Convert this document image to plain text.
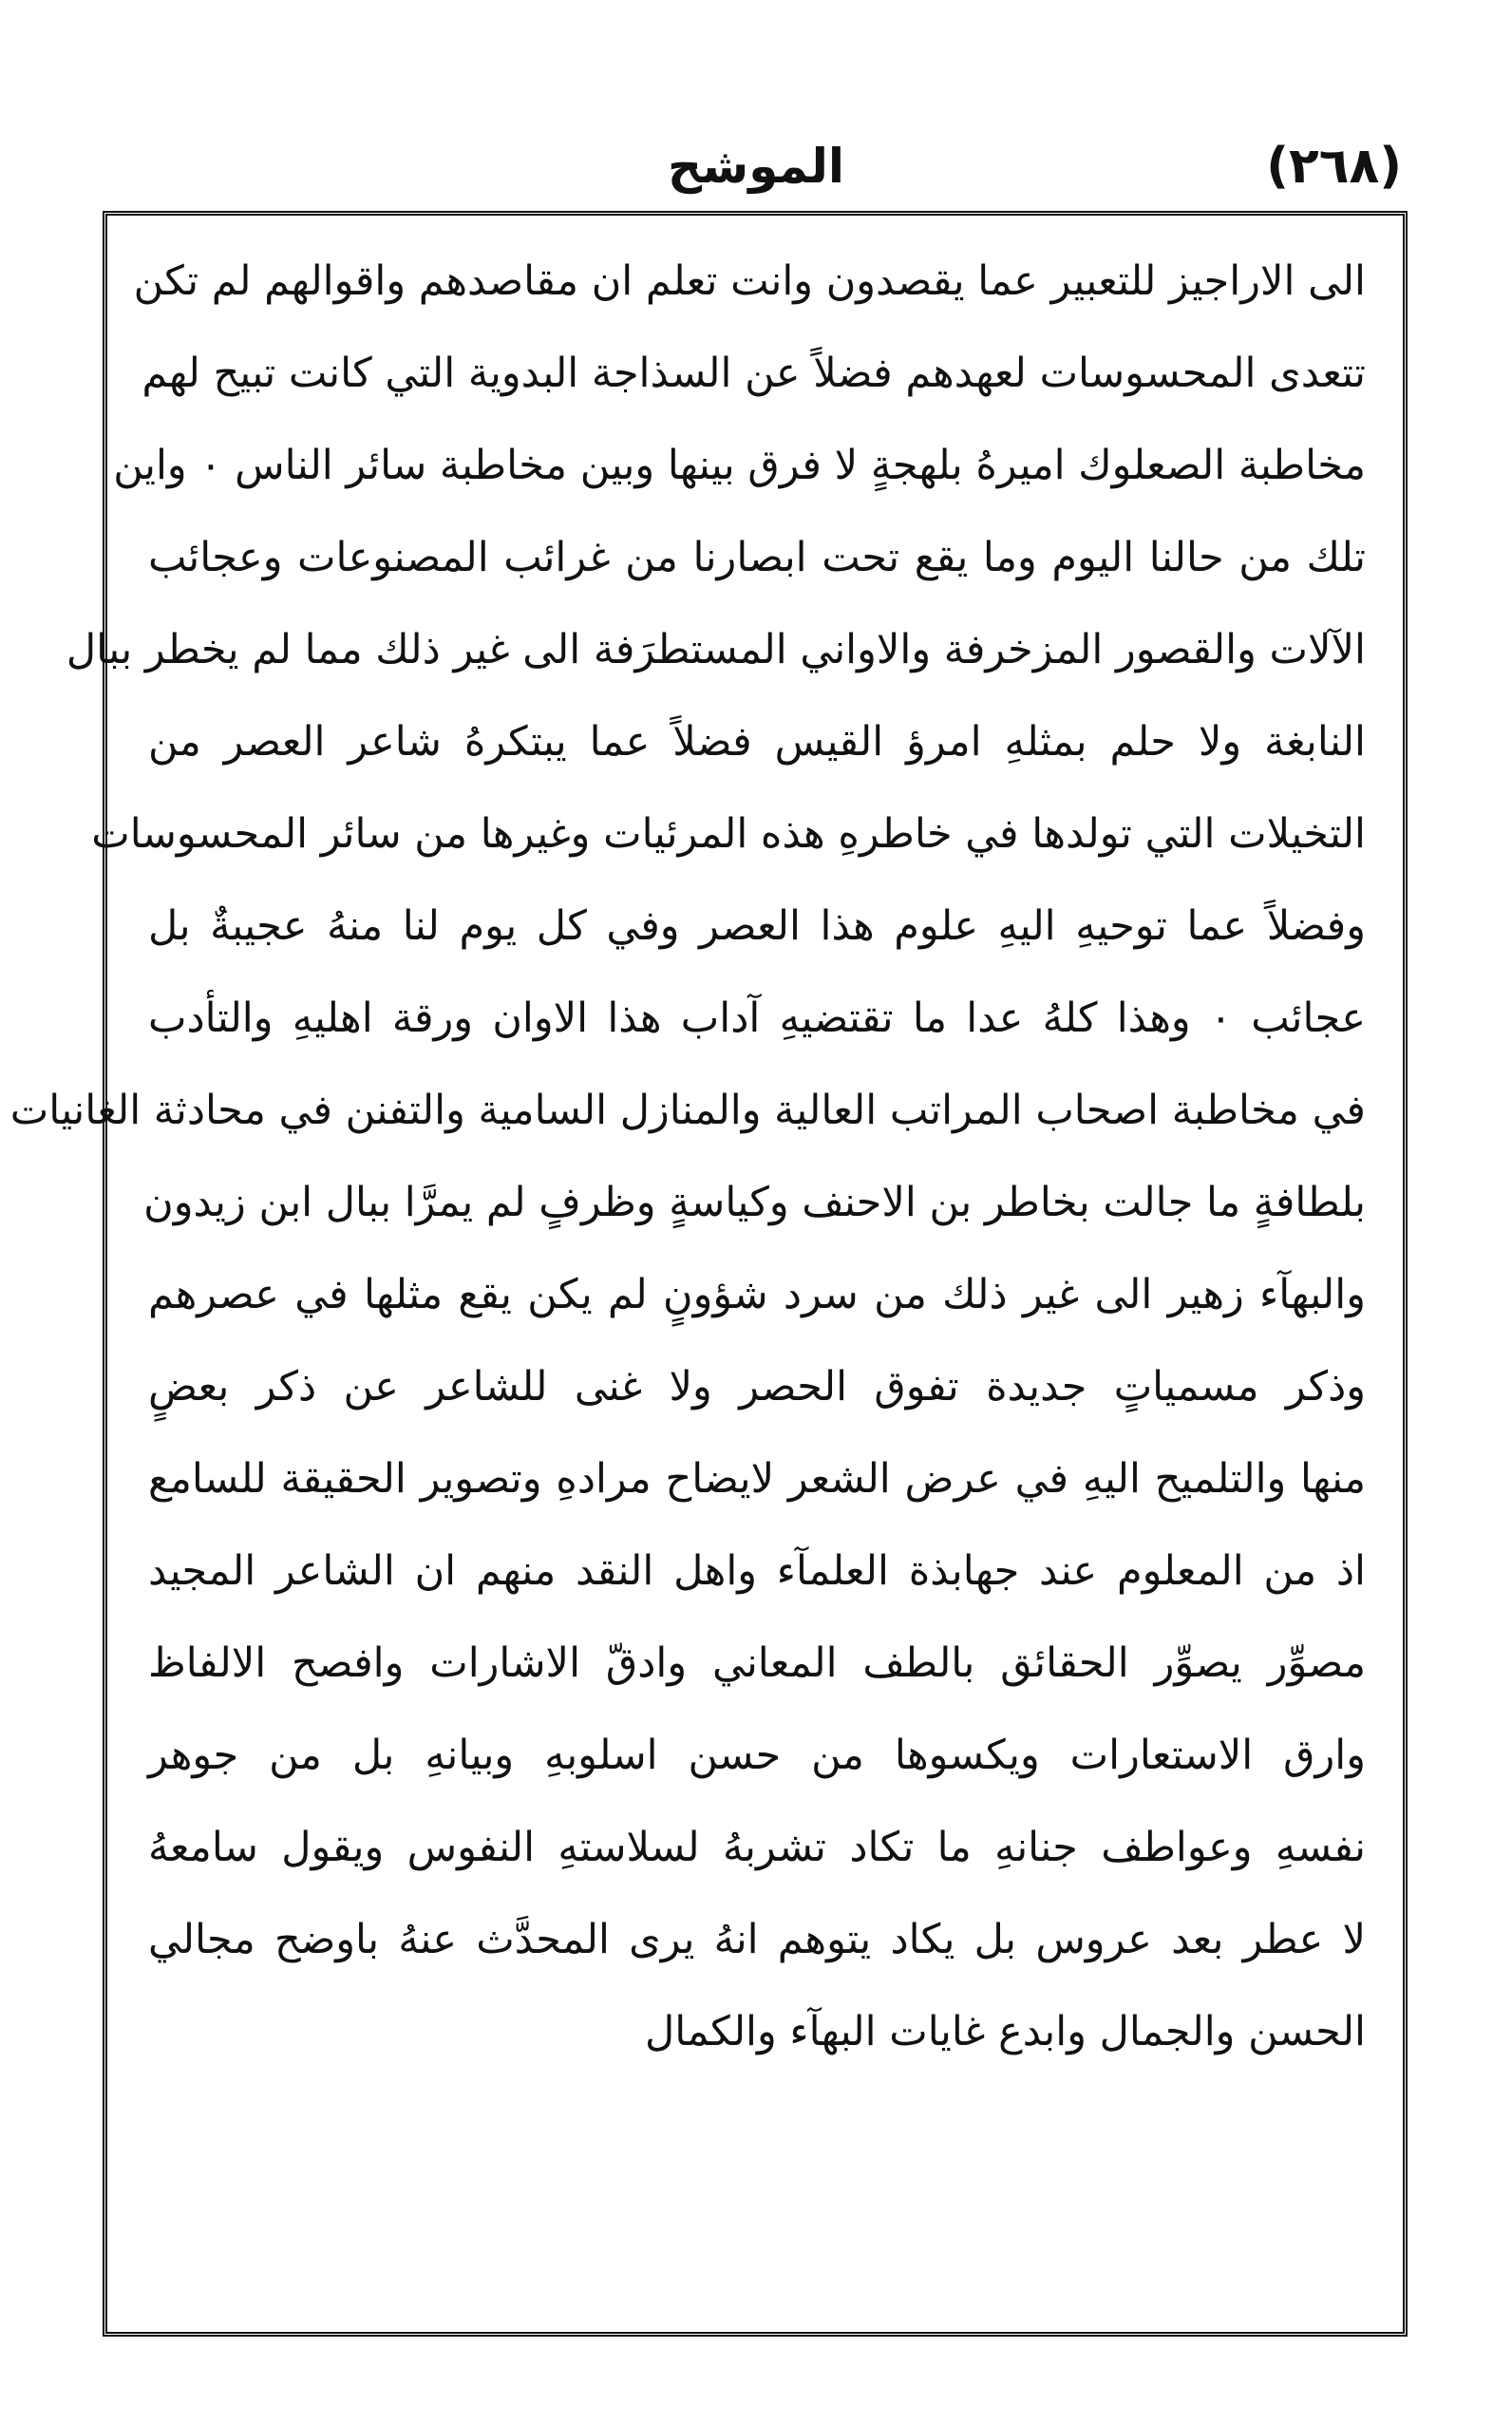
(٢٦٨)
الموشح
الى الاراجيز للتعبير عما يقصدون وانت تعلم ان مقاصدهم واقوالهم لم تكن
تتعدى المحسوسات لعهدهم فضلاً عن السذاجة البدوية التي كانت تبيح لهم
مخاطبة الصعلوك اميرهُ بلهجةٍ لا فرق بينها وبين مخاطبة سائر الناس ٠ واين
تلك من حالنا اليوم وما يقع تحت ابصارنا من غرائب المصنوعات وعجائب
الآلات والقصور المزخرفة والاواني المستطرَفة الى غير ذلك مما لم يخطر ببال
النابغة ولا حلم بمثلهِ امرؤ القيس فضلاً عما يبتكرهُ شاعر العصر من
التخيلات التي تولدها في خاطرهِ هذه المرئيات وغيرها من سائر المحسوسات
وفضلاً عما توحيهِ اليهِ علوم هذا العصر وفي كل يوم لنا منهُ عجيبةٌ بل
عجائب ٠ وهذا كلهُ عدا ما تقتضيهِ آداب هذا الاوان ورقة اهليهِ والتأدب
في مخاطبة اصحاب المراتب العالية والمنازل السامية والتفنن في محادثة الغانيات
بلطافةٍ ما جالت بخاطر بن الاحنف وكياسةٍ وظرفٍ لم يمرَّا ببال ابن زيدون
والبهآء زهير الى غير ذلك من سرد شؤونٍ لم يكن يقع مثلها في عصرهم
وذكر مسمياتٍ جديدة تفوق الحصر ولا غنى للشاعر عن ذكر بعضٍ
منها والتلميح اليهِ في عرض الشعر لايضاح مرادهِ وتصوير الحقيقة للسامع
اذ من المعلوم عند جهابذة العلمآء واهل النقد منهم ان الشاعر المجيد
مصوِّر يصوِّر الحقائق بالطف المعاني وادقّ الاشارات وافصح الالفاظ
وارق الاستعارات ويكسوها من حسن اسلوبهِ وبيانهِ بل من جوهر
نفسهِ وعواطف جنانهِ ما تكاد تشربهُ لسلاستهِ النفوس ويقول سامعهُ
لا عطر بعد عروس بل يكاد يتوهم انهُ يرى المحدَّث عنهُ باوضح مجالي
الحسن والجمال وابدع غايات البهآء والكمال
